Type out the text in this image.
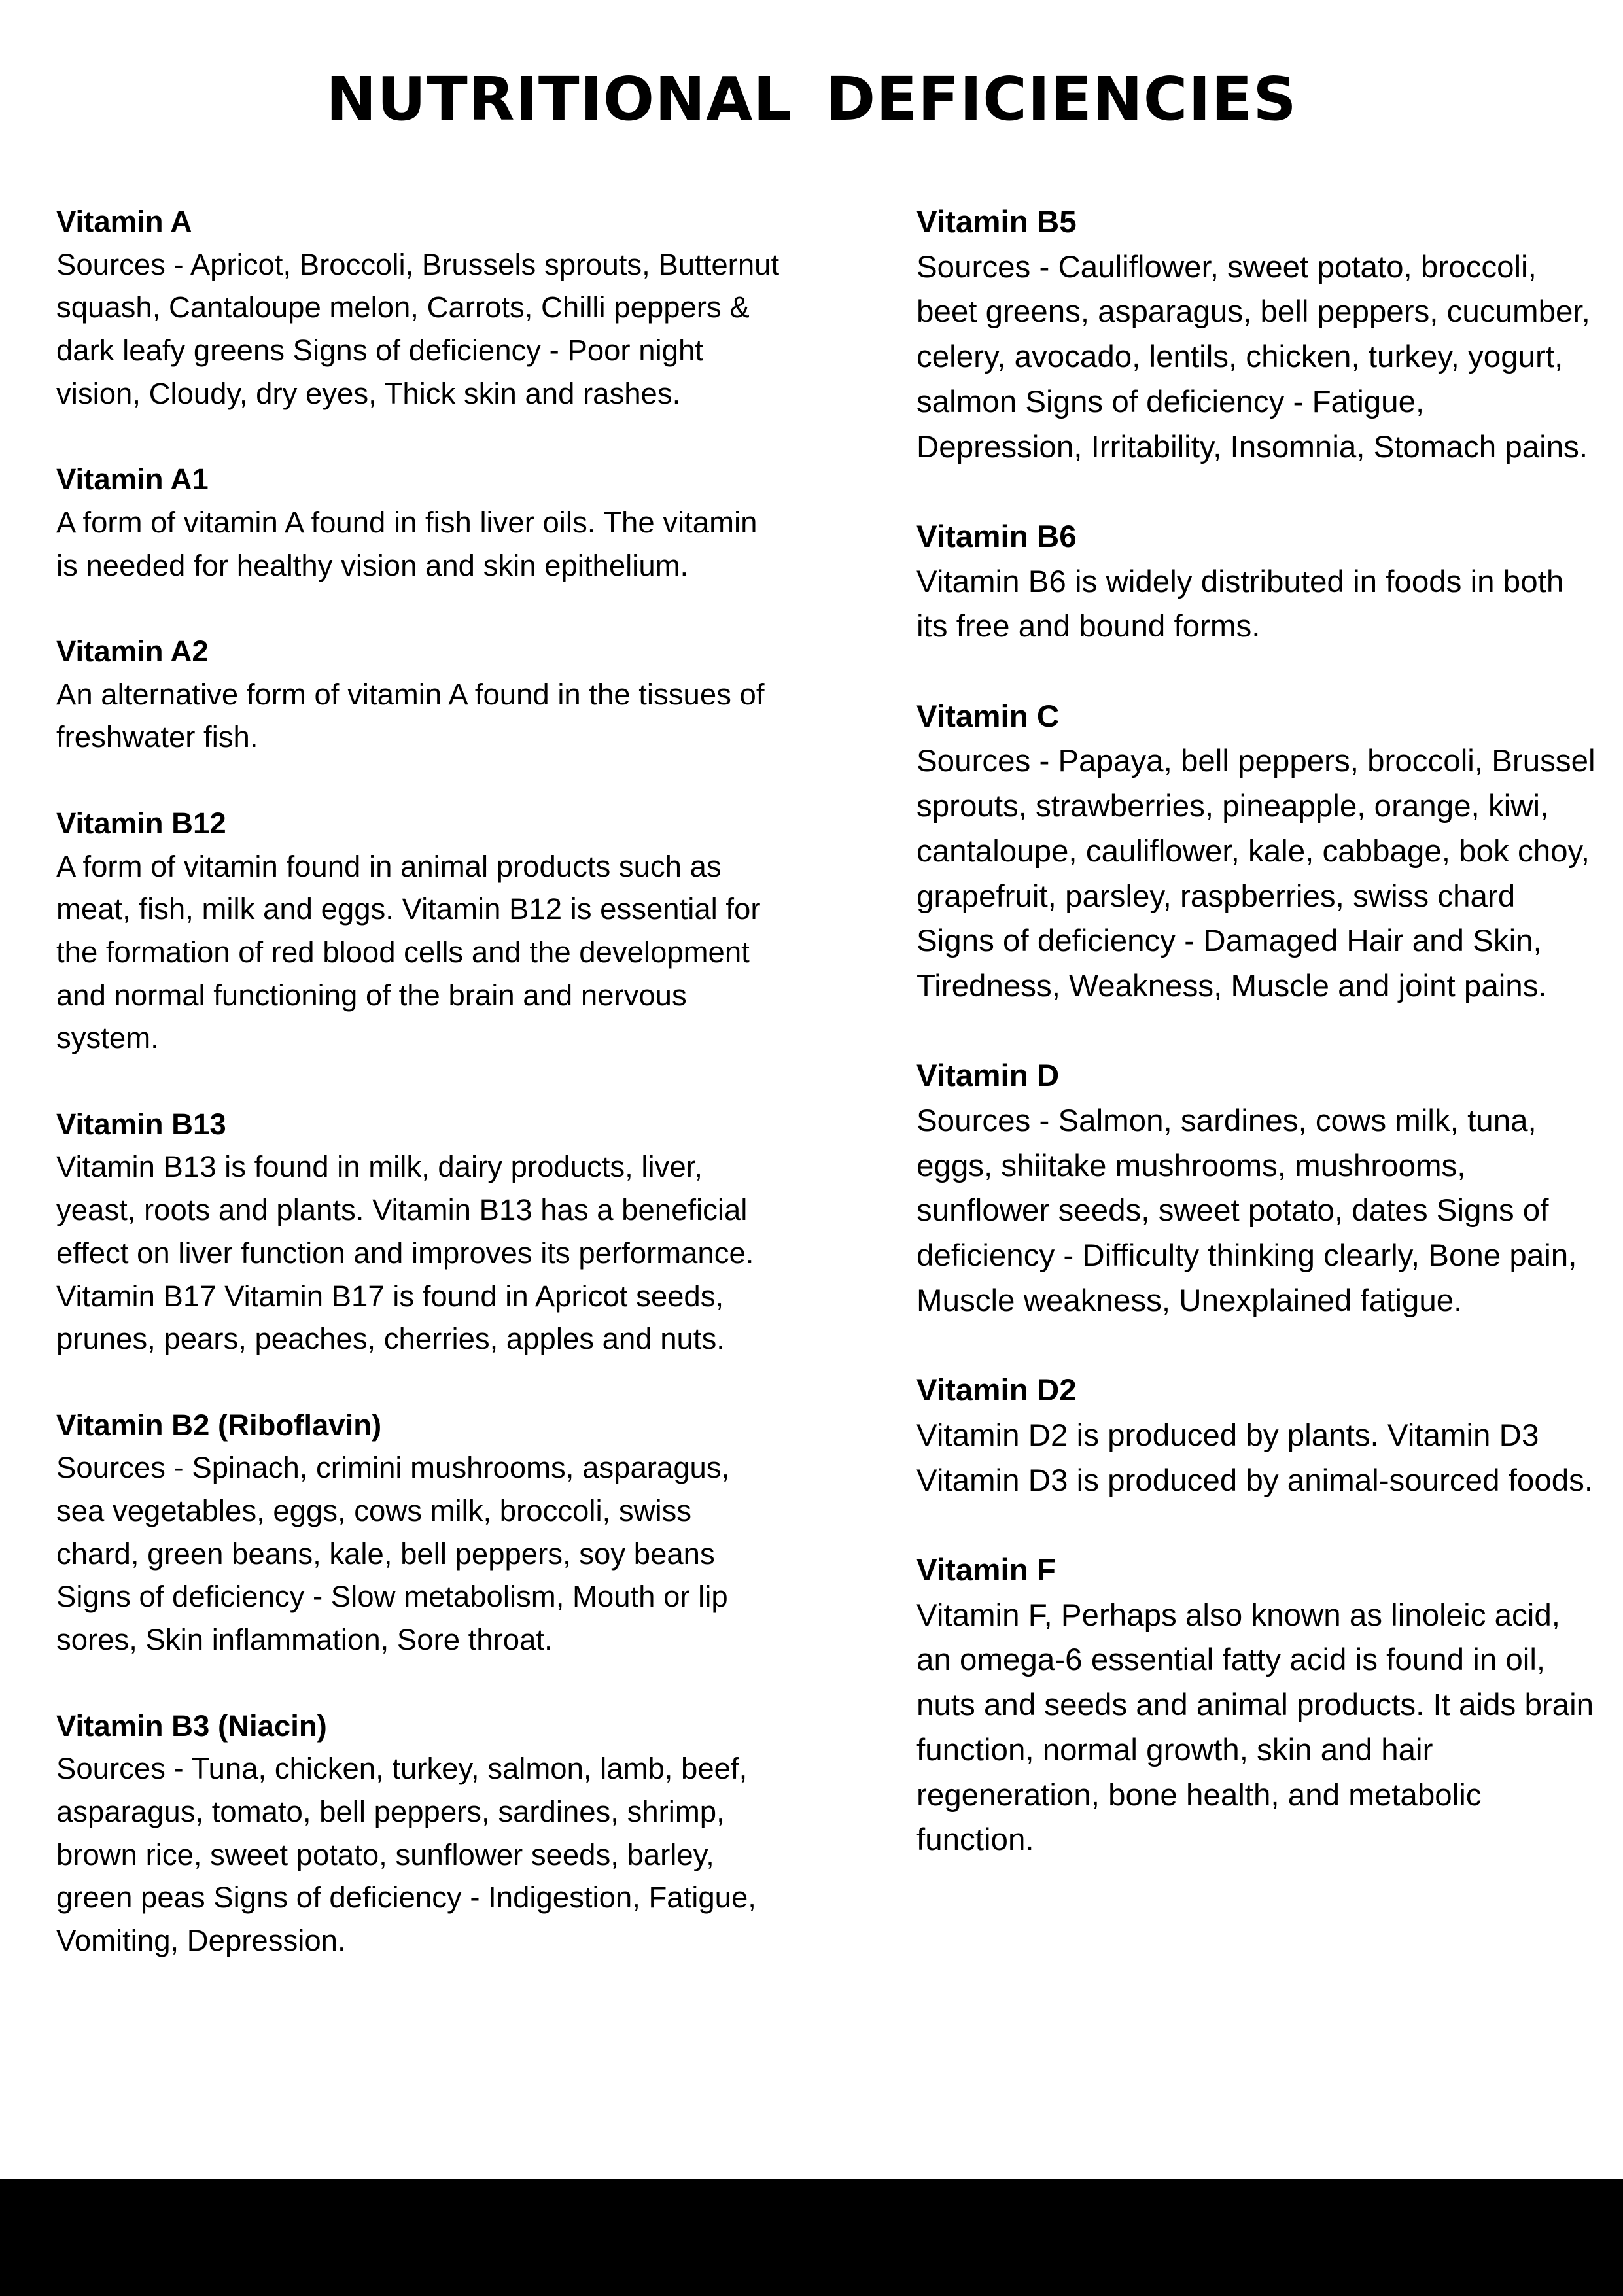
NUTRITIONAL DEFICIENCIES
Vitamin A
Sources - Apricot, Broccoli, Brussels sprouts, Butternut squash, Cantaloupe melon, Carrots, Chilli peppers & dark leafy greens Signs of deficiency - Poor night vision, Cloudy, dry eyes, Thick skin and rashes.
Vitamin A1
A form of vitamin A found in fish liver oils. The vitamin is needed for healthy vision and skin epithelium.
Vitamin A2
An alternative form of vitamin A found in the tissues of freshwater fish.
Vitamin B12
A form of vitamin found in animal products such as meat, fish, milk and eggs. Vitamin B12 is essential for the formation of red blood cells and the development and normal functioning of the brain and nervous system.
Vitamin B13
Vitamin B13 is found in milk, dairy products, liver, yeast, roots and plants. Vitamin B13 has a beneficial effect on liver function and improves its performance. Vitamin B17 Vitamin B17 is found in Apricot seeds, prunes, pears, peaches, cherries, apples and nuts.
Vitamin B2 (Riboflavin)
Sources - Spinach, crimini mushrooms, asparagus, sea vegetables, eggs, cows milk, broccoli, swiss chard, green beans, kale, bell peppers, soy beans Signs of deficiency - Slow metabolism, Mouth or lip sores, Skin inflammation, Sore throat.
Vitamin B3 (Niacin)
Sources - Tuna, chicken, turkey, salmon, lamb, beef, asparagus, tomato, bell peppers, sardines, shrimp, brown rice, sweet potato, sunflower seeds, barley, green peas Signs of deficiency - Indigestion, Fatigue, Vomiting, Depression.
Vitamin B5
Sources - Cauliflower, sweet potato, broccoli, beet greens, asparagus, bell peppers, cucumber, celery, avocado, lentils, chicken, turkey, yogurt, salmon Signs of deficiency - Fatigue, Depression, Irritability, Insomnia, Stomach pains.
Vitamin B6
Vitamin B6 is widely distributed in foods in both its free and bound forms.
Vitamin C
Sources - Papaya, bell peppers, broccoli, Brussel sprouts, strawberries, pineapple, orange, kiwi, cantaloupe, cauliflower, kale, cabbage, bok choy, grapefruit, parsley, raspberries, swiss chard Signs of deficiency - Damaged Hair and Skin, Tiredness, Weakness, Muscle and joint pains.
Vitamin D
Sources - Salmon, sardines, cows milk, tuna, eggs, shiitake mushrooms, mushrooms, sunflower seeds, sweet potato, dates Signs of deficiency - Difficulty thinking clearly, Bone pain, Muscle weakness, Unexplained fatigue.
Vitamin D2
Vitamin D2 is produced by plants. Vitamin D3 Vitamin D3 is produced by animal-sourced foods.
Vitamin F
Vitamin F, Perhaps also known as linoleic acid, an omega-6 essential fatty acid is found in oil, nuts and seeds and animal products. It aids brain function, normal growth, skin and hair regeneration, bone health, and metabolic function.
